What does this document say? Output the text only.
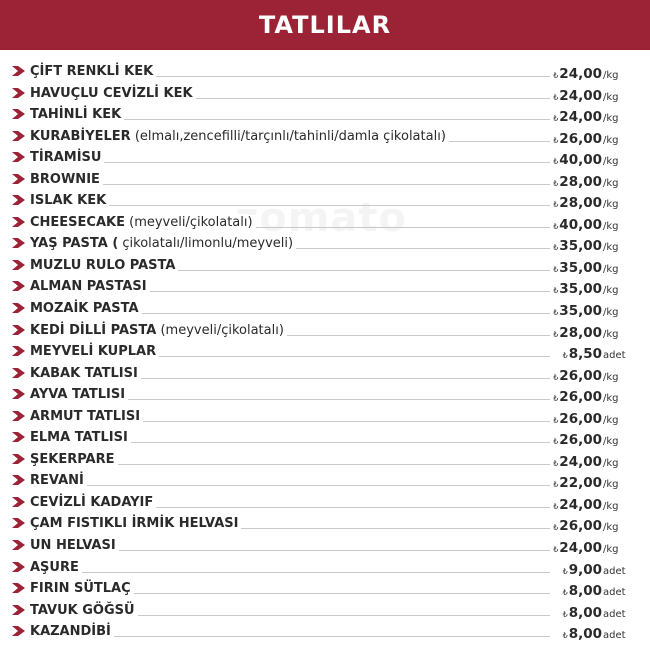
TATLILAR
ÇİFT RENKLİ KEK	₺24,00/kg
HAVUÇLU CEVİZLİ KEK	₺24,00/kg
TAHİNLİ KEK	₺24,00/kg
KURABİYELER (elmalı,zencefilli/tarçınlı/tahinli/damla çikolatalı)	₺26,00/kg
TİRAMİSU	₺40,00/kg
BROWNIE	₺28,00/kg
ISLAK KEK	₺28,00/kg
CHEESECAKE (meyveli/çikolatalı)	₺40,00/kg
YAŞ PASTA ( çikolatalı/limonlu/meyveli)	₺35,00/kg
MUZLU RULO PASTA	₺35,00/kg
ALMAN PASTASI	₺35,00/kg
MOZAİK PASTA	₺35,00/kg
KEDİ DİLLİ PASTA (meyveli/çikolatalı)	₺28,00/kg
MEYVELİ KUPLAR	₺8,50adet
KABAK TATLISI	₺26,00/kg
AYVA TATLISI	₺26,00/kg
ARMUT TATLISI	₺26,00/kg
ELMA TATLISI	₺26,00/kg
ŞEKERPARE	₺24,00/kg
REVANİ	₺22,00/kg
CEVİZLİ KADAYIF	₺24,00/kg
ÇAM FISTIKLI İRMİK HELVASI	₺26,00/kg
UN HELVASI	₺24,00/kg
AŞURE	₺9,00adet
FIRIN SÜTLAÇ	₺8,00adet
TAVUK GÖĞSÜ	₺8,00adet
KAZANDİBİ	₺8,00adet
